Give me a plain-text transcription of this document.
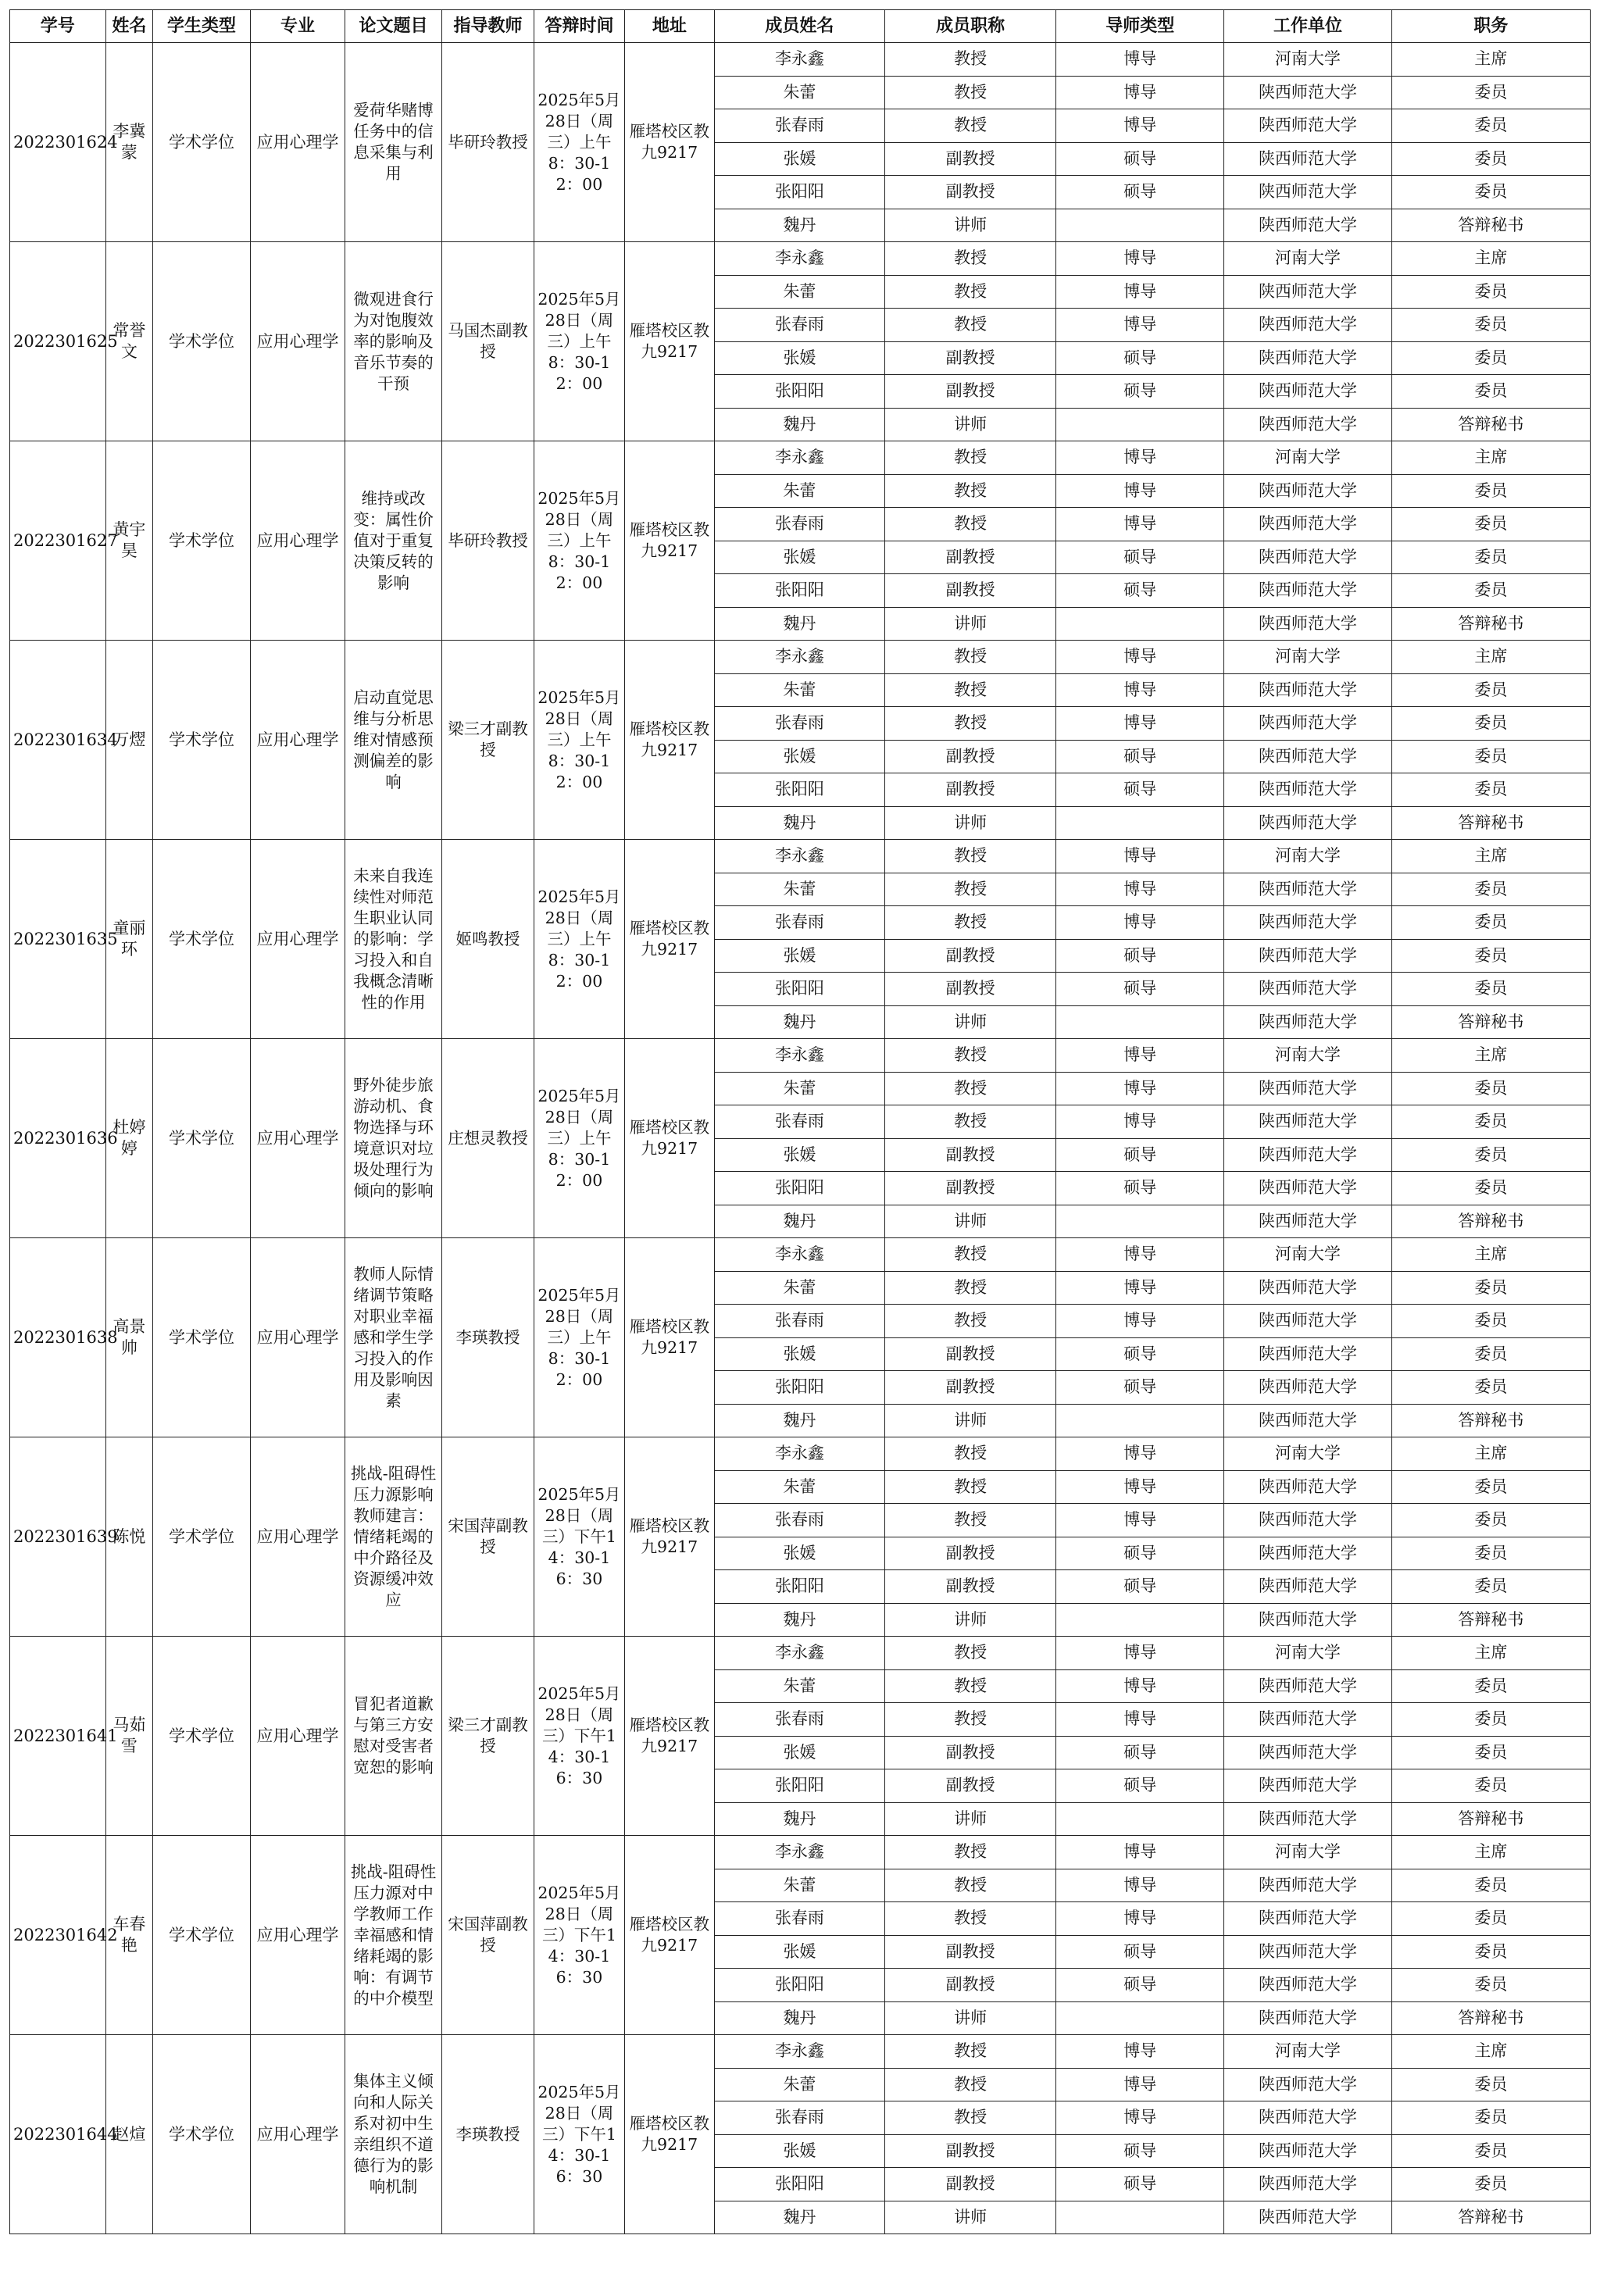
学号	姓名	学生类型	专业	论文题目	指导教师	答辩时间	地址	成员姓名	成员职称	导师类型	工作单位	职务
2022301624	李冀蒙	学术学位	应用心理学	爱荷华赌博任务中的信息采集与利用	毕研玲教授	2025年5月28日（周三）上午8：30-12：00	雁塔校区教九9217	李永鑫	教授	博导	河南大学	主席
								朱蕾	教授	博导	陕西师范大学	委员
								张春雨	教授	博导	陕西师范大学	委员
								张媛	副教授	硕导	陕西师范大学	委员
								张阳阳	副教授	硕导	陕西师范大学	委员
								魏丹	讲师		陕西师范大学	答辩秘书
2022301625	常誉文	学术学位	应用心理学	微观进食行为对饱腹效率的影响及音乐节奏的干预	马国杰副教授	2025年5月28日（周三）上午8：30-12：00	雁塔校区教九9217	李永鑫	教授	博导	河南大学	主席
								朱蕾	教授	博导	陕西师范大学	委员
								张春雨	教授	博导	陕西师范大学	委员
								张媛	副教授	硕导	陕西师范大学	委员
								张阳阳	副教授	硕导	陕西师范大学	委员
								魏丹	讲师		陕西师范大学	答辩秘书
2022301627	黄宇昊	学术学位	应用心理学	维持或改变：属性价值对于重复决策反转的影响	毕研玲教授	2025年5月28日（周三）上午8：30-12：00	雁塔校区教九9217	李永鑫	教授	博导	河南大学	主席
								朱蕾	教授	博导	陕西师范大学	委员
								张春雨	教授	博导	陕西师范大学	委员
								张媛	副教授	硕导	陕西师范大学	委员
								张阳阳	副教授	硕导	陕西师范大学	委员
								魏丹	讲师		陕西师范大学	答辩秘书
2022301634	万熤	学术学位	应用心理学	启动直觉思维与分析思维对情感预测偏差的影响	梁三才副教授	2025年5月28日（周三）上午8：30-12：00	雁塔校区教九9217	李永鑫	教授	博导	河南大学	主席
								朱蕾	教授	博导	陕西师范大学	委员
								张春雨	教授	博导	陕西师范大学	委员
								张媛	副教授	硕导	陕西师范大学	委员
								张阳阳	副教授	硕导	陕西师范大学	委员
								魏丹	讲师		陕西师范大学	答辩秘书
2022301635	童丽环	学术学位	应用心理学	未来自我连续性对师范生职业认同的影响：学习投入和自我概念清晰性的作用	姬鸣教授	2025年5月28日（周三）上午8：30-12：00	雁塔校区教九9217	李永鑫	教授	博导	河南大学	主席
								朱蕾	教授	博导	陕西师范大学	委员
								张春雨	教授	博导	陕西师范大学	委员
								张媛	副教授	硕导	陕西师范大学	委员
								张阳阳	副教授	硕导	陕西师范大学	委员
								魏丹	讲师		陕西师范大学	答辩秘书
2022301636	杜婷婷	学术学位	应用心理学	野外徒步旅游动机、食物选择与环境意识对垃圾处理行为倾向的影响	庄想灵教授	2025年5月28日（周三）上午8：30-12：00	雁塔校区教九9217	李永鑫	教授	博导	河南大学	主席
								朱蕾	教授	博导	陕西师范大学	委员
								张春雨	教授	博导	陕西师范大学	委员
								张媛	副教授	硕导	陕西师范大学	委员
								张阳阳	副教授	硕导	陕西师范大学	委员
								魏丹	讲师		陕西师范大学	答辩秘书
2022301638	高景帅	学术学位	应用心理学	教师人际情绪调节策略对职业幸福感和学生学习投入的作用及影响因素	李瑛教授	2025年5月28日（周三）上午8：30-12：00	雁塔校区教九9217	李永鑫	教授	博导	河南大学	主席
								朱蕾	教授	博导	陕西师范大学	委员
								张春雨	教授	博导	陕西师范大学	委员
								张媛	副教授	硕导	陕西师范大学	委员
								张阳阳	副教授	硕导	陕西师范大学	委员
								魏丹	讲师		陕西师范大学	答辩秘书
2022301639	陈悦	学术学位	应用心理学	挑战-阻碍性压力源影响教师建言：情绪耗竭的中介路径及资源缓冲效应	宋国萍副教授	2025年5月28日（周三）下午14：30-16：30	雁塔校区教九9217	李永鑫	教授	博导	河南大学	主席
								朱蕾	教授	博导	陕西师范大学	委员
								张春雨	教授	博导	陕西师范大学	委员
								张媛	副教授	硕导	陕西师范大学	委员
								张阳阳	副教授	硕导	陕西师范大学	委员
								魏丹	讲师		陕西师范大学	答辩秘书
2022301641	马茹雪	学术学位	应用心理学	冒犯者道歉与第三方安慰对受害者宽恕的影响	梁三才副教授	2025年5月28日（周三）下午14：30-16：30	雁塔校区教九9217	李永鑫	教授	博导	河南大学	主席
								朱蕾	教授	博导	陕西师范大学	委员
								张春雨	教授	博导	陕西师范大学	委员
								张媛	副教授	硕导	陕西师范大学	委员
								张阳阳	副教授	硕导	陕西师范大学	委员
								魏丹	讲师		陕西师范大学	答辩秘书
2022301642	车春艳	学术学位	应用心理学	挑战-阻碍性压力源对中学教师工作幸福感和情绪耗竭的影响：有调节的中介模型	宋国萍副教授	2025年5月28日（周三）下午14：30-16：30	雁塔校区教九9217	李永鑫	教授	博导	河南大学	主席
								朱蕾	教授	博导	陕西师范大学	委员
								张春雨	教授	博导	陕西师范大学	委员
								张媛	副教授	硕导	陕西师范大学	委员
								张阳阳	副教授	硕导	陕西师范大学	委员
								魏丹	讲师		陕西师范大学	答辩秘书
2022301644	赵煊	学术学位	应用心理学	集体主义倾向和人际关系对初中生亲组织不道德行为的影响机制	李瑛教授	2025年5月28日（周三）下午14：30-16：30	雁塔校区教九9217	李永鑫	教授	博导	河南大学	主席
								朱蕾	教授	博导	陕西师范大学	委员
								张春雨	教授	博导	陕西师范大学	委员
								张媛	副教授	硕导	陕西师范大学	委员
								张阳阳	副教授	硕导	陕西师范大学	委员
								魏丹	讲师		陕西师范大学	答辩秘书
